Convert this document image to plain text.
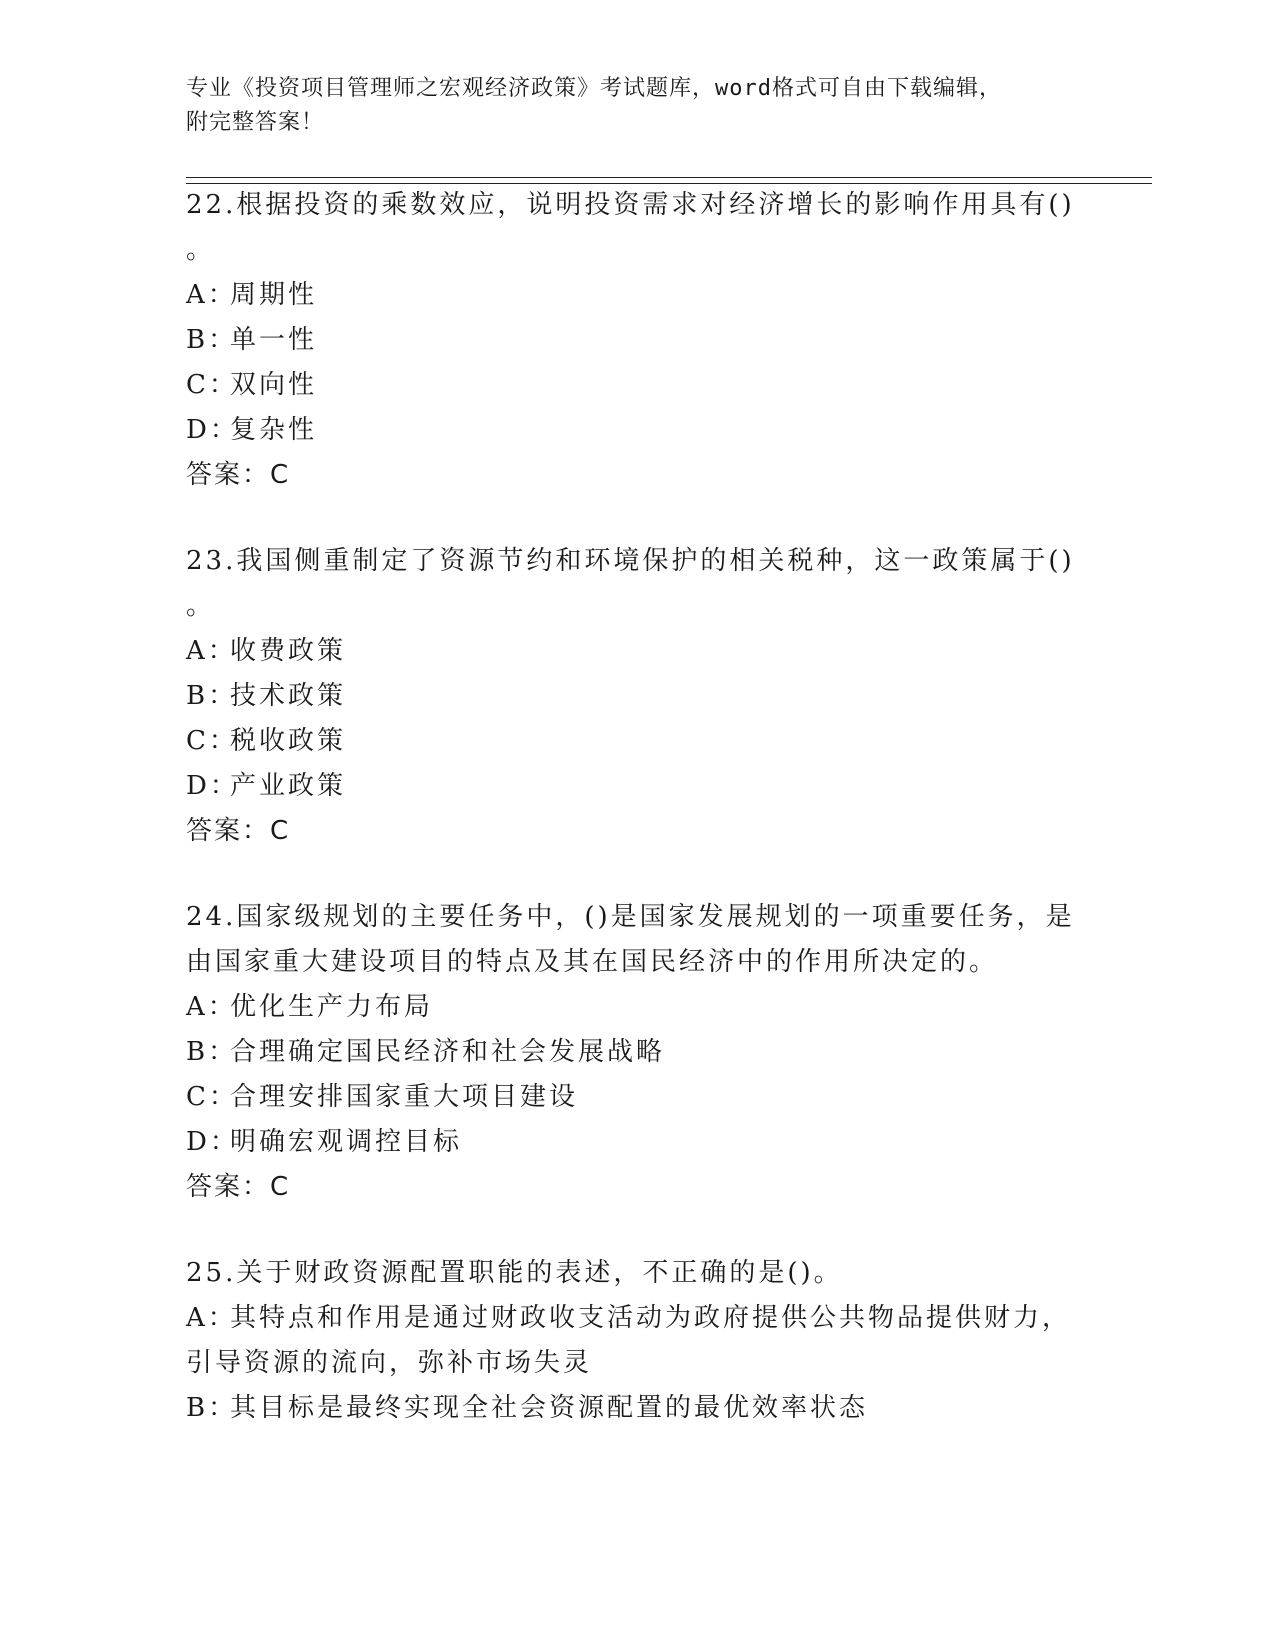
专业《投资项目管理师之宏观经济政策》考试题库，word格式可自由下载编辑，
附完整答案！
22.根据投资的乘数效应，说明投资需求对经济增长的影响作用具有()
。
A：周期性
B：单一性
C：双向性
D：复杂性
答案：C
23.我国侧重制定了资源节约和环境保护的相关税种，这一政策属于()
。
A：收费政策
B：技术政策
C：税收政策
D：产业政策
答案：C
24.国家级规划的主要任务中，()是国家发展规划的一项重要任务，是
由国家重大建设项目的特点及其在国民经济中的作用所决定的。
A：优化生产力布局
B：合理确定国民经济和社会发展战略
C：合理安排国家重大项目建设
D：明确宏观调控目标
答案：C
25.关于财政资源配置职能的表述，不正确的是()。
A：其特点和作用是通过财政收支活动为政府提供公共物品提供财力，
引导资源的流向，弥补市场失灵
B：其目标是最终实现全社会资源配置的最优效率状态
